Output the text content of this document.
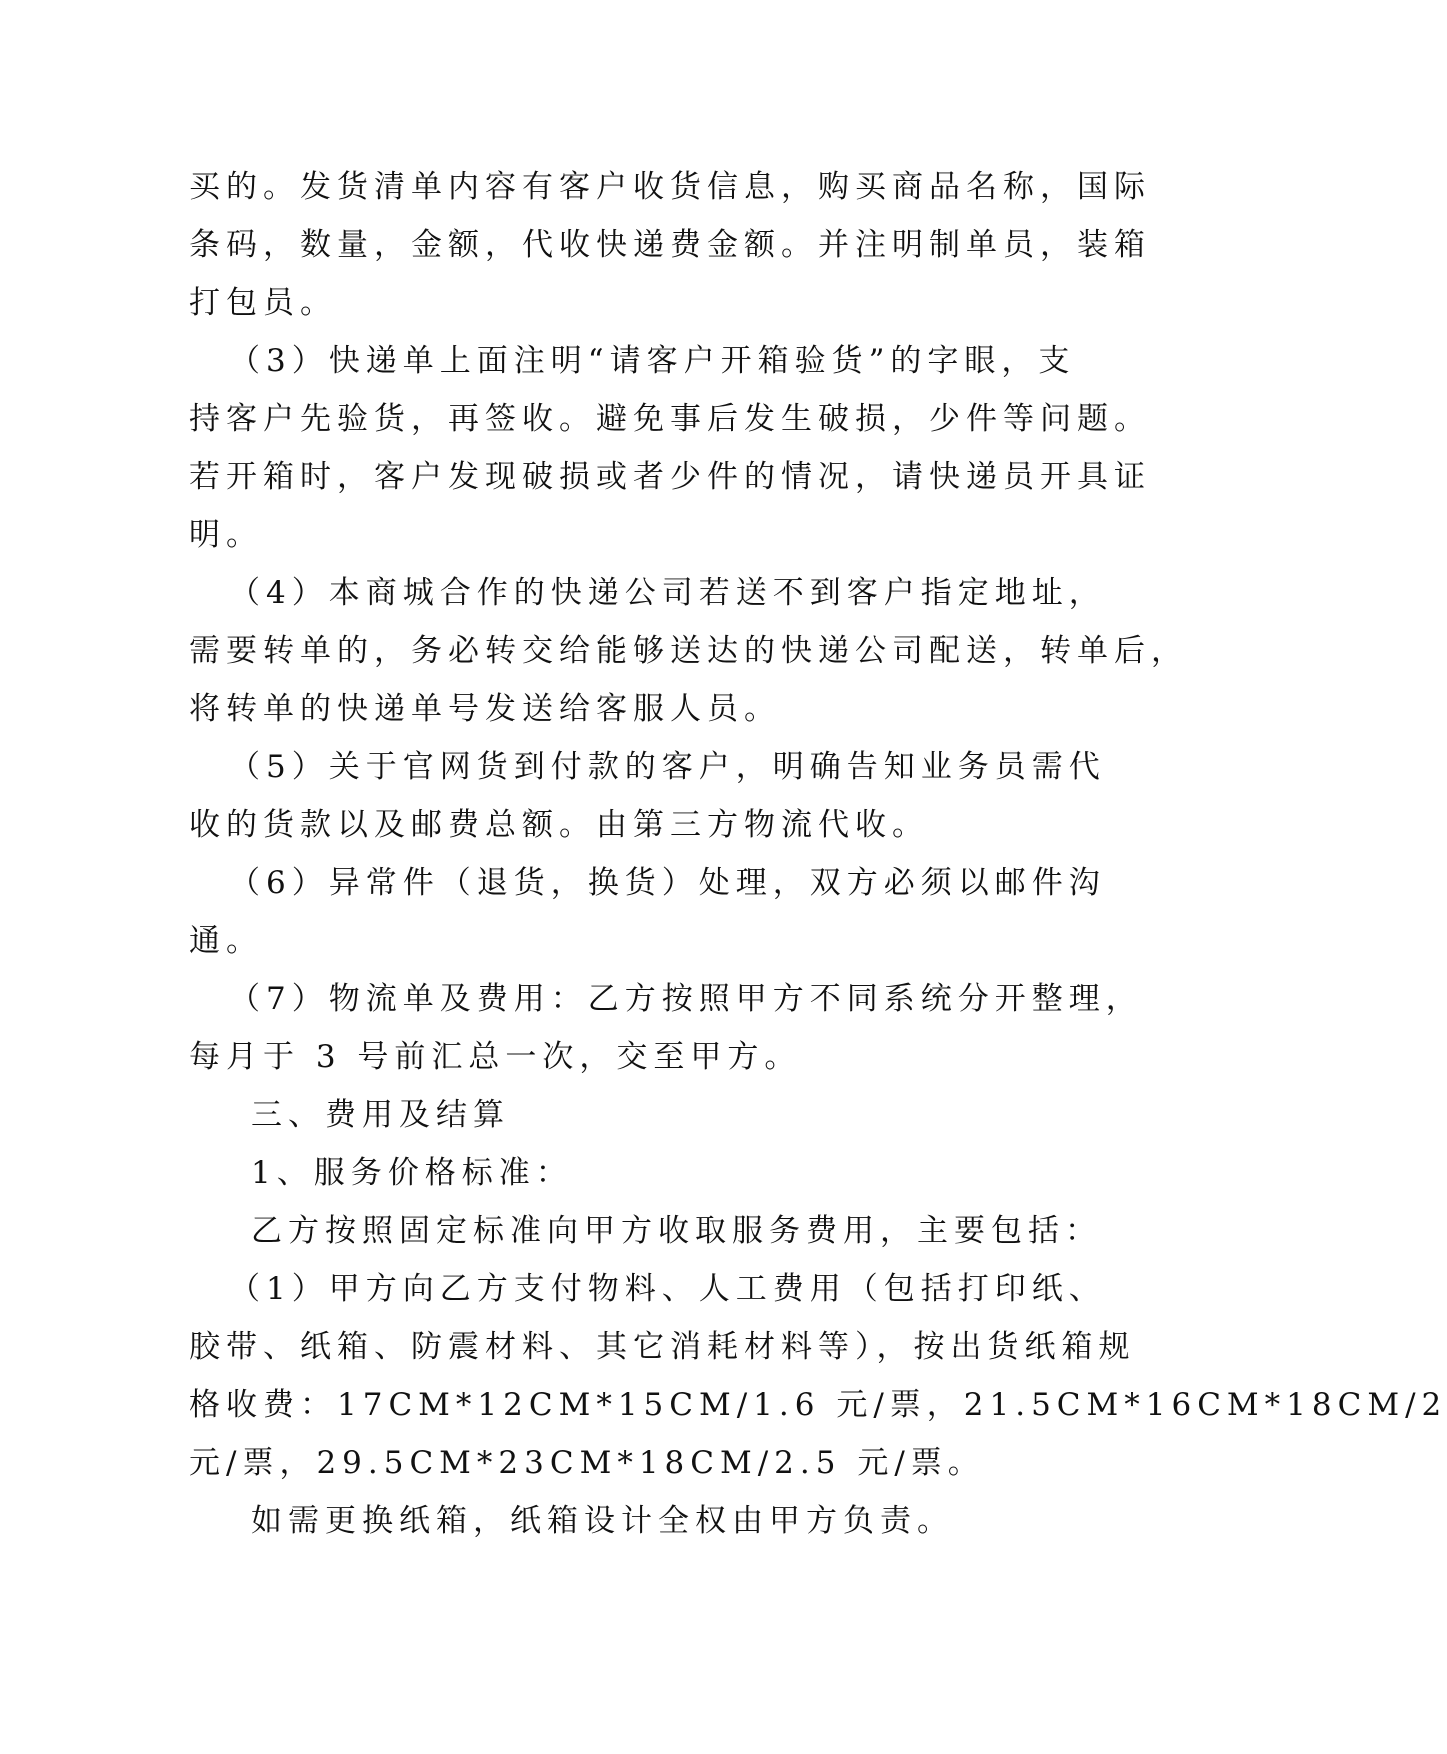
买的。发货清单内容有客户收货信息，购买商品名称，国际
条码，数量，金额，代收快递费金额。并注明制单员，装箱
打包员。
（3）快递单上面注明“请客户开箱验货”的字眼，支
持客户先验货，再签收。避免事后发生破损，少件等问题。
若开箱时，客户发现破损或者少件的情况，请快递员开具证
明。
（4）本商城合作的快递公司若送不到客户指定地址，
需要转单的，务必转交给能够送达的快递公司配送，转单后，
将转单的快递单号发送给客服人员。
（5）关于官网货到付款的客户，明确告知业务员需代
收的货款以及邮费总额。由第三方物流代收。
（6）异常件（退货，换货）处理，双方必须以邮件沟
通。
（7）物流单及费用：乙方按照甲方不同系统分开整理，
每月于 3 号前汇总一次，交至甲方。
三、费用及结算
1、服务价格标准：
乙方按照固定标准向甲方收取服务费用，主要包括：
（1）甲方向乙方支付物料、人工费用（包括打印纸、
胶带、纸箱、防震材料、其它消耗材料等），按出货纸箱规
格收费：17CM*12CM*15CM/1.6 元/票，21.5CM*16CM*18CM/2
元/票，29.5CM*23CM*18CM/2.5 元/票。
如需更换纸箱，纸箱设计全权由甲方负责。
